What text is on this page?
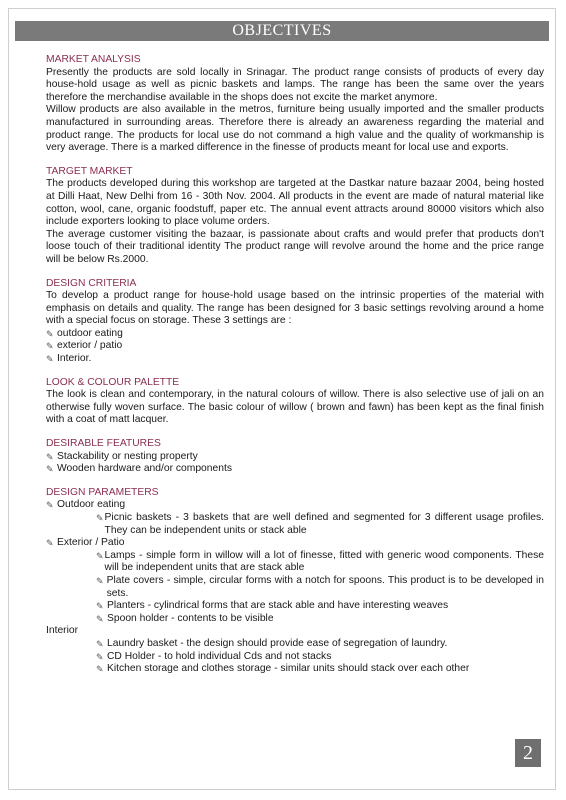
OBJECTIVES

MARKET ANALYSIS

Presently the products are sold locally in Srinagar. The product range consists of products of every day house-hold usage as well as picnic baskets and lamps. The range has been the same over the years therefore the merchandise available in the shops does not excite the market anymore.

Willow products are also available in the metros, furniture being usually imported and the smaller products manufactured in surrounding areas. Therefore there is already an awareness regarding the material and product range. The products for local use do not command a high value and the quality of workmanship is very average. There is a marked difference in the finesse of products meant for local use and exports.

TARGET MARKET

The products developed during this workshop are targeted at the Dastkar nature bazaar 2004, being hosted at Dilli Haat, New Delhi from 16 - 30th Nov. 2004. All products in the event are made of natural material like cotton, wool, cane, organic foodstuff, paper etc. The annual event attracts around 80000 visitors which also include exporters looking to place volume orders.

The average customer visiting the bazaar, is passionate about crafts and would prefer that products don't loose touch of their traditional identity The product range will revolve around the home and the price range will be below Rs.2000.

DESIGN CRITERIA

To develop a product range for house-hold usage based on the intrinsic properties of the material with emphasis on details and quality. The range has been designed for 3 basic settings revolving around a home with a special focus on storage. These 3 settings are :

✎ outdoor eating

✎ exterior / patio

✎ Interior.

LOOK & COLOUR PALETTE

The look is clean and contemporary, in the natural colours of willow. There is also selective use of jali on an otherwise fully woven surface. The basic colour of willow ( brown and fawn) has been kept as the final finish with a coat of matt lacquer.

DESIRABLE FEATURES

✎ Stackability or nesting property

✎ Wooden hardware and/or components

DESIGN PARAMETERS

✎ Outdoor eating

✎ Picnic baskets - 3 baskets that are well defined and segmented for 3 different usage profiles. They can be independent units or stack able

✎ Exterior / Patio

✎ Lamps - simple form in willow will a lot of finesse, fitted with generic wood components. These will be independent units that are stack able

✎ Plate covers - simple, circular forms with a notch for spoons. This product is to be developed in sets.

✎ Planters - cylindrical forms that are stack able and have interesting weaves

✎ Spoon holder - contents to be visible

Interior

✎ Laundry basket - the design should provide ease of segregation of laundry.

✎ CD Holder - to hold individual Cds and not stacks

✎ Kitchen storage and clothes storage - similar units should stack over each other

2
